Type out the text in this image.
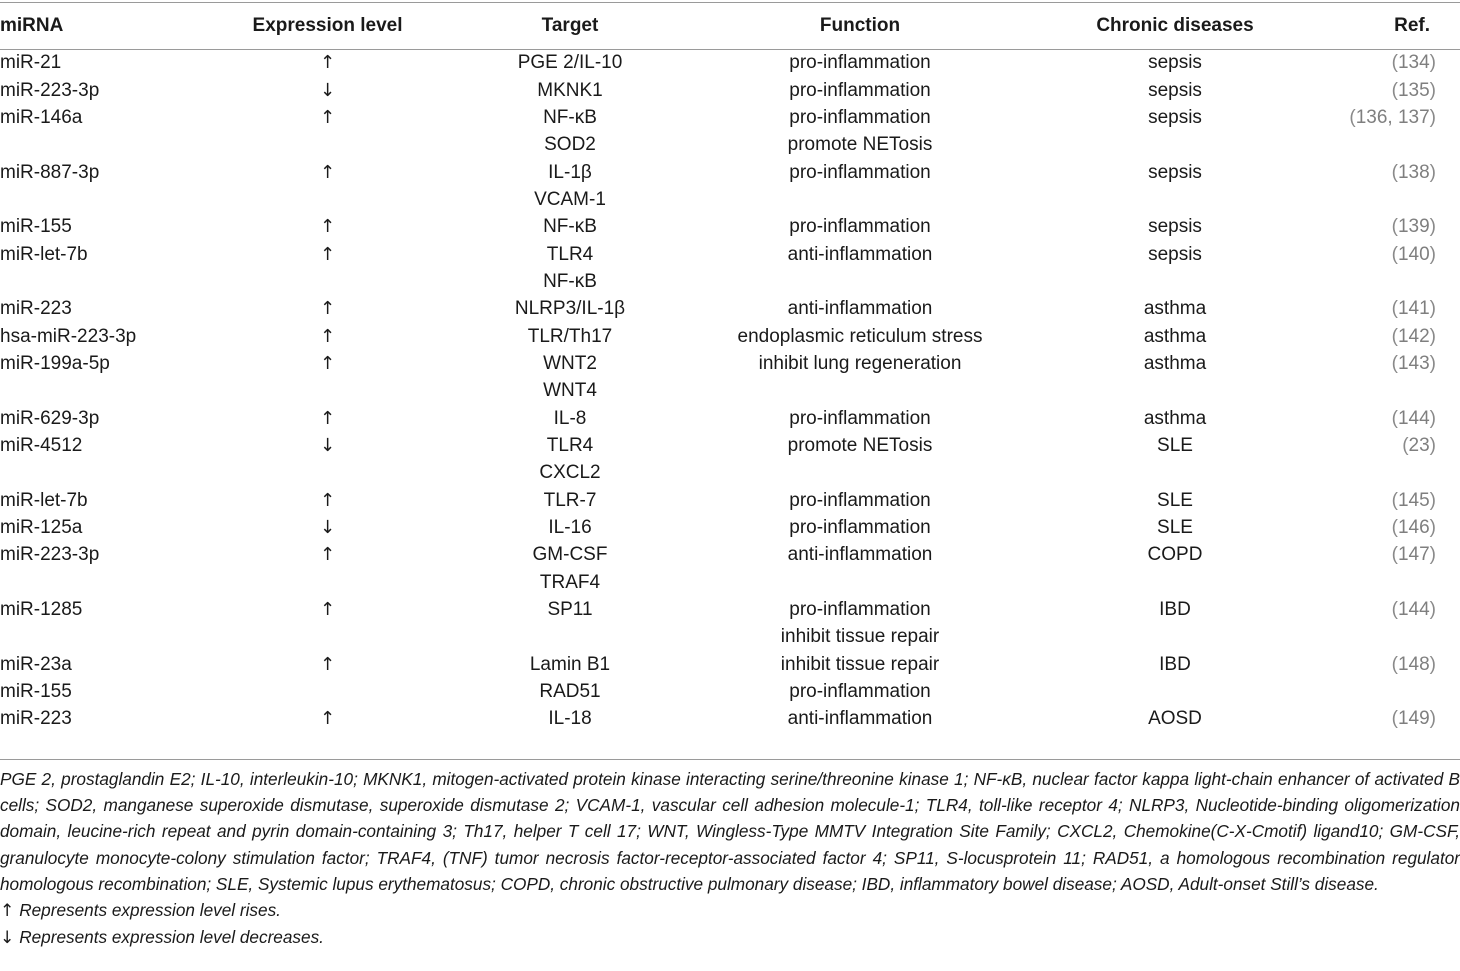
miRNA	Expression level	Target	Function	Chronic diseases	Ref.
miR-21	↑	PGE 2/IL-10	pro-inflammation	sepsis	(134)
miR-223-3p	↓	MKNK1	pro-inflammation	sepsis	(135)
miR-146a	↑	NF-κB	pro-inflammation	sepsis	(136, 137)
		SOD2	promote NETosis		
miR-887-3p	↑	IL-1β	pro-inflammation	sepsis	(138)
		VCAM-1			
miR-155	↑	NF-κB	pro-inflammation	sepsis	(139)
miR-let-7b	↑	TLR4	anti-inflammation	sepsis	(140)
		NF-κB			
miR-223	↑	NLRP3/IL-1β	anti-inflammation	asthma	(141)
hsa-miR-223-3p	↑	TLR/Th17	endoplasmic reticulum stress	asthma	(142)
miR-199a-5p	↑	WNT2	inhibit lung regeneration	asthma	(143)
		WNT4			
miR-629-3p	↑	IL-8	pro-inflammation	asthma	(144)
miR-4512	↓	TLR4	promote NETosis	SLE	(23)
		CXCL2			
miR-let-7b	↑	TLR-7	pro-inflammation	SLE	(145)
miR-125a	↓	IL-16	pro-inflammation	SLE	(146)
miR-223-3p	↑	GM-CSF	anti-inflammation	COPD	(147)
		TRAF4			
miR-1285	↑	SP11	pro-inflammation	IBD	(144)
			inhibit tissue repair		
miR-23a	↑	Lamin B1	inhibit tissue repair	IBD	(148)
miR-155		RAD51	pro-inflammation		
miR-223	↑	IL-18	anti-inflammation	AOSD	(149)

PGE 2, prostaglandin E2; IL-10, interleukin-10; MKNK1, mitogen-activated protein kinase interacting serine/threonine kinase 1; NF-κB, nuclear factor kappa light-chain enhancer of activated B cells; SOD2, manganese superoxide dismutase, superoxide dismutase 2; VCAM-1, vascular cell adhesion molecule-1; TLR4, toll-like receptor 4; NLRP3, Nucleotide-binding oligomerization domain, leucine-rich repeat and pyrin domain-containing 3; Th17, helper T cell 17; WNT, Wingless-Type MMTV Integration Site Family; CXCL2, Chemokine(C-X-Cmotif) ligand10; GM-CSF, granulocyte monocyte-colony stimulation factor; TRAF4, (TNF) tumor necrosis factor-receptor-associated factor 4; SP11, S-locusprotein 11; RAD51, a homologous recombination regulator homologous recombination; SLE, Systemic lupus erythematosus; COPD, chronic obstructive pulmonary disease; IBD, inflammatory bowel disease; AOSD, Adult-onset Still’s disease.

↑ Represents expression level rises.

↓ Represents expression level decreases.
